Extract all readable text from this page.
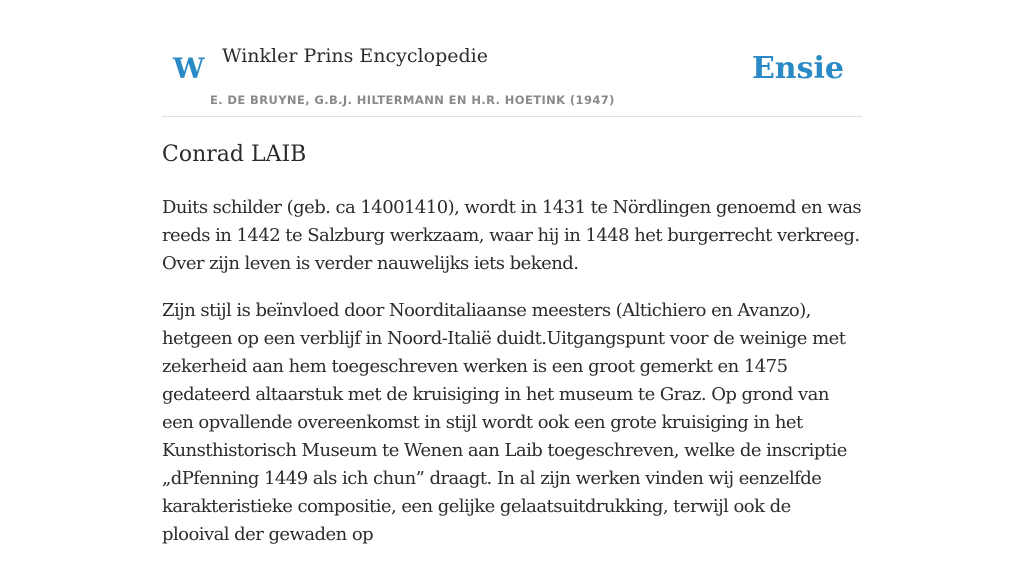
W Winkler Prins Encyclopedie
E. DE BRUYNE, G.B.J. HILTERMANN EN H.R. HOETINK (1947)
Ensie
Conrad LAIB

Duits schilder (geb. ca 14001410), wordt in 1431 te Nördlingen genoemd en was reeds in 1442 te Salzburg werkzaam, waar hij in 1448 het burgerrecht verkreeg. Over zijn leven is verder nauwelijks iets bekend.

Zijn stijl is beïnvloed door Noorditaliaanse meesters (Altichiero en Avanzo), hetgeen op een verblijf in Noord-Italië duidt.Uitgangspunt voor de weinige met zekerheid aan hem toegeschreven werken is een groot gemerkt en 1475 gedateerd altaarstuk met de kruisiging in het museum te Graz. Op grond van een opvallende overeenkomst in stijl wordt ook een grote kruisiging in het Kunsthistorisch Museum te Wenen aan Laib toegeschreven, welke de inscriptie „dPfenning 1449 als ich chun” draagt. In al zijn werken vinden wij eenzelfde karakteristieke compositie, een gelijke gelaatsuitdrukking, terwijl ook de plooival der gewaden op
